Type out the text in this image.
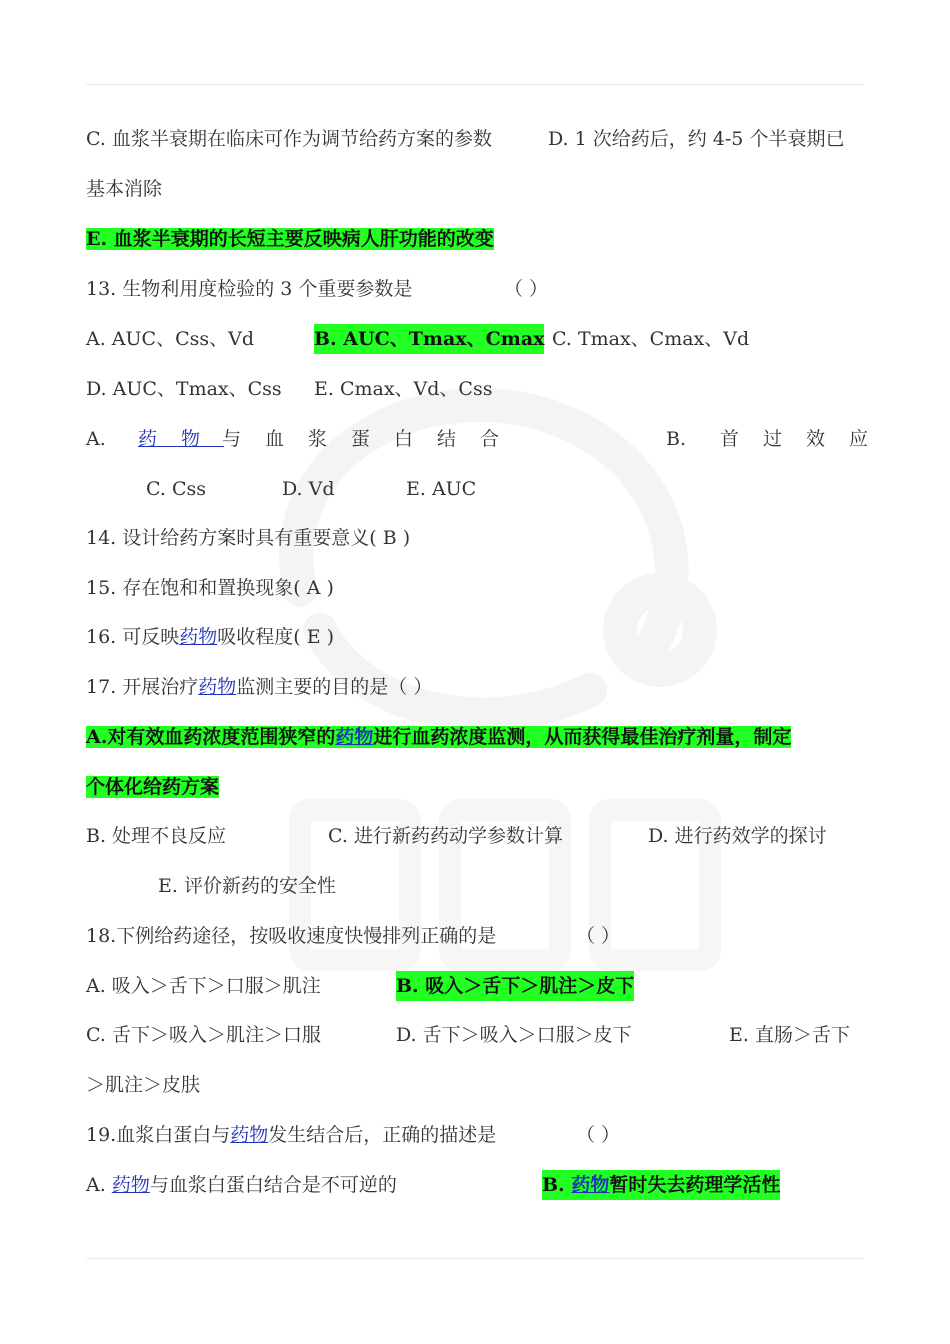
C. 血浆半衰期在临床可作为调节给药方案的参数	D. 1 次给药后，约 4-5 个半衰期已
基本消除
E. 血浆半衰期的长短主要反映病人肝功能的改变
13. 生物利用度检验的 3 个重要参数是	（ ）
A. AUC、Css、Vd	B. AUC、Tmax、Cmax C. Tmax、Cmax、Vd
D. AUC、Tmax、Css E. Cmax、Vd、Css
A. 药物
与血浆蛋白结合	B. 首过效应
C. Css	D. Vd	E. AUC
14. 设计给药方案时具有重要意义( B )
15. 存在饱和和置换现象( A )
16. 可反映药物吸收程度( E )
17. 开展治疗药物监测主要的目的是（ ）
A.对有效血药浓度范围狭窄的药物进行血药浓度监测，从而获得最佳治疗剂量，制定
个体化给药方案
B. 处理不良反应	C. 进行新药药动学参数计算	D. 进行药效学的探讨
E. 评价新药的安全性
18.下例给药途径，按吸收速度快慢排列正确的是	（ ）
A. 吸入＞舌下＞口服＞肌注	B. 吸入＞舌下＞肌注＞皮下
C. 舌下＞吸入＞肌注＞口服	D. 舌下＞吸入＞口服＞皮下	E. 直肠＞舌下
＞肌注＞皮肤
19.血浆白蛋白与药物发生结合后，正确的描述是	（ ）
A. 药物与血浆白蛋白结合是不可逆的	B. 药物暂时失去药理学活性
